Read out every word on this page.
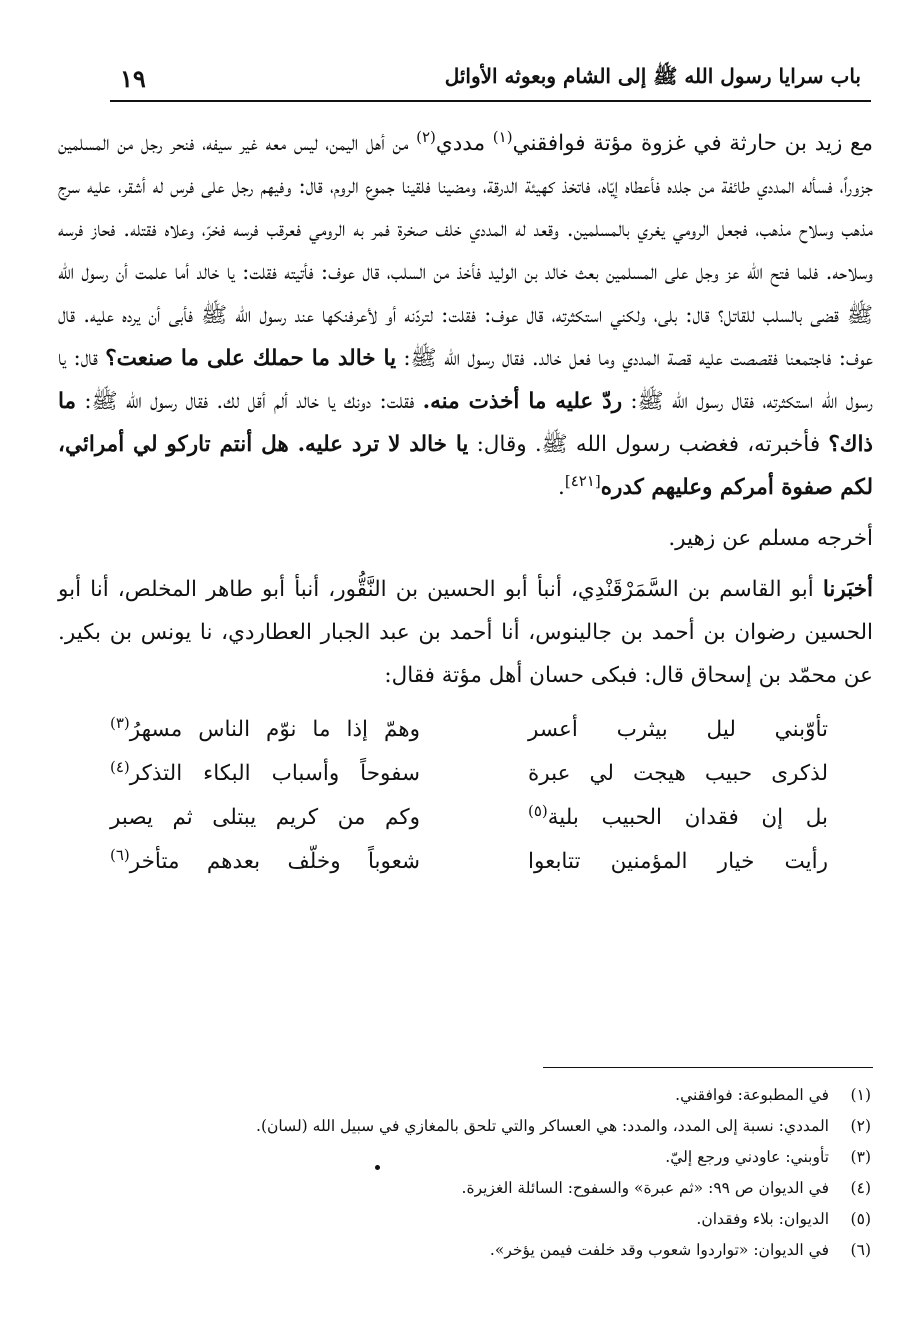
باب سرايا رسول الله ﷺ إلى الشام وبعوثه الأوائل
١٩

مع زيد بن حارثة في غزوة مؤتة فوافقني$^{(١)}$ مددي$^{(٢)}$ من أهل اليمن، ليس معه غير سيفه، فنحر رجل من المسلمين جزوراً، فسأله المددي طائفة من جلده فأعطاه إيّاه، فاتخذ كهيئة الدرقة، ومضينا فلقينا جموع الروم، قال: وفيهم رجل على فرس له أشقر، عليه سرج مذهب وسلاح مذهب، فجعل الرومي يغري بالمسلمين. وقعد له المددي خلف صخرة فمر به الرومي فعرقب فرسه فخرّ، وعلاه فقتله. فحاز فرسه وسلاحه. فلما فتح الله عز وجل على المسلمين بعث خالد بن الوليد فأخذ من السلب، قال عوف: فأتيته فقلت: يا خالد أما علمت أن رسول الله ﷺ قضى بالسلب للقاتل؟ قال: بلى، ولكني استكثرته، قال عوف: فقلت: لتردّنه أو لأعرفنكها عند رسول الله ﷺ فأبى أن يرده عليه. قال عوف: فاجتمعنا فقصصت عليه قصة المددي وما فعل خالد. فقال رسول الله ﷺ: يا خالد ما حملك على ما صنعت؟ قال: يا رسول الله استكثرته، فقال رسول الله ﷺ: ردّ عليه ما أخذت منه. فقلت: دونك يا خالد ألم أقل لك. فقال رسول الله ﷺ: ما ذاك؟ فأخبرته، فغضب رسول الله ﷺ. وقال: يا خالد لا ترد عليه. هل أنتم تاركو لي أمرائي، لكم صفوة أمركم وعليهم كدره[٤٢١].

أخرجه مسلم عن زهير.

أخبَرنا أبو القاسم بن السَّمَرْقَنْدِي، أنبأ أبو الحسين بن النَّقُّور، أنبأ أبو طاهر المخلص، أنا أبو الحسين رضوان بن أحمد بن جالينوس، أنا أحمد بن عبد الجبار العطاردي، نا يونس بن بكير. عن محمّد بن إسحاق قال: فبكى حسان أهل مؤتة فقال:

تأوّبني ليل بيثرب أعسر
وهمّ إذا ما نوّم الناس مسهرُ$^{(٣)}$
لذكرى حبيب هيجت لي عبرة
سفوحاً وأسباب البكاء التذكر$^{(٤)}$
بل إن فقدان الحبيب بلية$^{(٥)}$
وكم من كريم يبتلى ثم يصبر
رأيت خيار المؤمنين تتابعوا
شعوباً وخلّف بعدهم متأخر$^{(٦)}$
(١)
في المطبوعة: فوافقني.
(٢)
المددي: نسبة إلى المدد، والمدد: هي العساكر والتي تلحق بالمغازي في سبيل الله (لسان).
(٣)
تأوبني: عاودني ورجع إليّ.
(٤)
في الديوان ص ٩٩: «ثم عبرة» والسفوح: السائلة الغزيرة.
(٥)
الديوان: بلاء وفقدان.
(٦)
في الديوان: «تواردوا شعوب وقد خلفت فيمن يؤخر».
